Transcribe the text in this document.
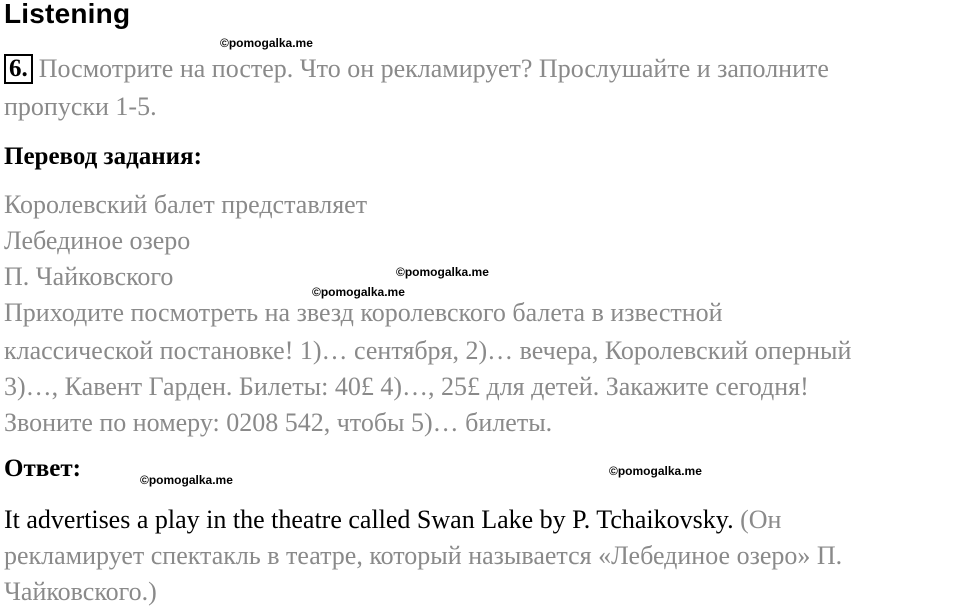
Listening
©pomogalka.me
6. Посмотрите на постер. Что он рекламирует? Прослушайте и заполните
пропуски 1-5.
Перевод задания:
Королевский балет представляет
Лебединое озеро
П. Чайковского	©pomogalka.me
©pomogalka.me
Приходите посмотреть на звезд королевского балета в известной
классической постановке! 1)… сентября, 2)… вечера, Королевский оперный
3)…, Кавент Гарден. Билеты: 40£ 4)…, 25£ для детей. Закажите сегодня!
Звоните по номеру: 0208 542, чтобы 5)… билеты.
Ответ:	©pomogalka.me
©pomogalka.me
It advertises a play in the theatre called Swan Lake by P. Tchaikovsky. (Он
рекламирует спектакль в театре, который называется «Лебединое озеро» П.
Чайковского.)
